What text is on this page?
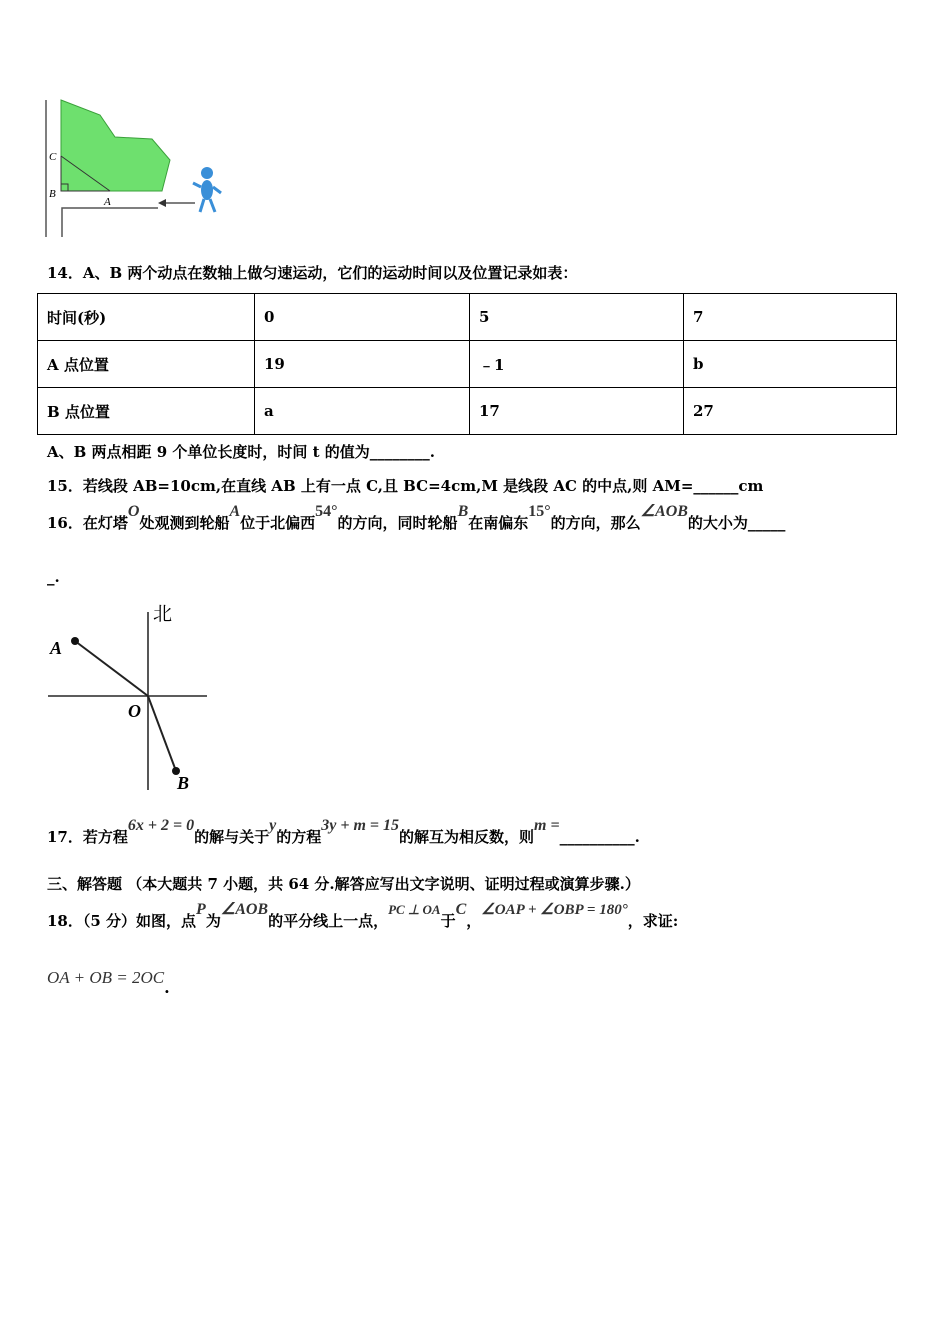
C
B
A
14．A、B 两个动点在数轴上做匀速运动，它们的运动时间以及位置记录如表：
时间(秒)	0	5	7
A 点位置	19	﹣1	b
B 点位置	a	17	27
A、B 两点相距 9 个单位长度时，时间 t 的值为________.
15．若线段 AB=10cm,在直线 AB 上有一点 C,且 BC=4cm,M 是线段 AC 的中点,则 AM=______cm
16．在灯塔O处观测到轮船A位于北偏西54°的方向，同时轮船B在南偏东15°的方向，那么∠AOB的大小为_____
_.
北
A
O
B
17．若方程6x + 2 = 0的解与关于y的方程3y + m = 15的解互为相反数，则m =__________.
三、解答题 （本大题共 7 小题，共 64 分.解答应写出文字说明、证明过程或演算步骤.）
18．（5 分）如图，点P为∠AOB的平分线上一点，PC ⊥ OA于C，∠OAP + ∠OBP = 180°，求证:
OA + OB = 2OC.
